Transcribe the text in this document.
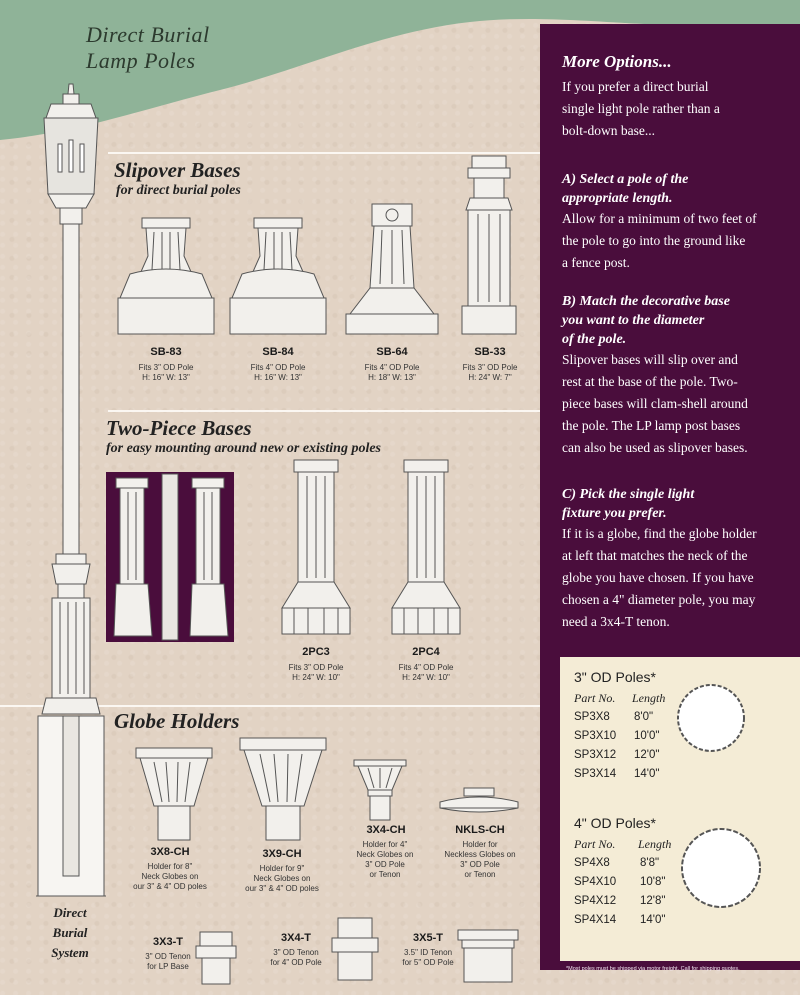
Direct Burial
Lamp Poles
Direct
Burial
System
Slipover Bases
for direct burial poles
SB-83
Fits 3" OD Pole
H: 16" W: 13"
SB-84
Fits 4" OD Pole
H: 16" W: 13"
SB-64
Fits 4" OD Pole
H: 18" W: 13"
SB-33
Fits 3" OD Pole
H: 24" W: 7"
Two-Piece Bases
for easy mounting around new or existing poles
2PC3
Fits 3" OD Pole
H: 24" W: 10"
2PC4
Fits 4" OD Pole
H: 24" W: 10"
Globe Holders
3X8-CH
Holder for 8"
Neck Globes on
our 3" & 4" OD poles
3X9-CH
Holder for 9"
Neck Globes on
our 3" & 4" OD poles
3X4-CH
Holder for 4"
Neck Globes on
3" OD Pole
or Tenon
NKLS-CH
Holder for
Neckless Globes on
3" OD Pole
or Tenon
3X3-T
3" OD Tenon
for LP Base
3X4-T
3" OD Tenon
for 4" OD Pole
3X5-T
3.5" ID Tenon
for 5" OD Pole
More Options...
If you prefer a direct burial
single light pole rather than a
bolt-down base...
A) Select a pole of the
appropriate length.
Allow for a minimum of two feet of
the pole to go into the ground like
a fence post.
B) Match the decorative base
you want to the diameter
of the pole.
Slipover bases will slip over and
rest at the base of the pole. Two-
piece bases will clam-shell around
the pole. The LP lamp post bases
can also be used as slipover bases.
C) Pick the single light
fixture you prefer.
If it is a globe, find the globe holder
at left that matches the neck of the
globe you have chosen. If you have
chosen a 4" diameter pole, you may
need a 3x4-T tenon.
3" OD Poles*
Part No. Length
SP3X8 8'0"
SP3X10 10'0"
SP3X12 12'0"
SP3X14 14'0"
4" OD Poles*
Part No. Length
SP4X8	8'8"
SP4X10 10'8"
SP4X12 12'8"
SP4X14 14'0"
*Most poles must be shipped via motor freight. Call for shipping quotes.
